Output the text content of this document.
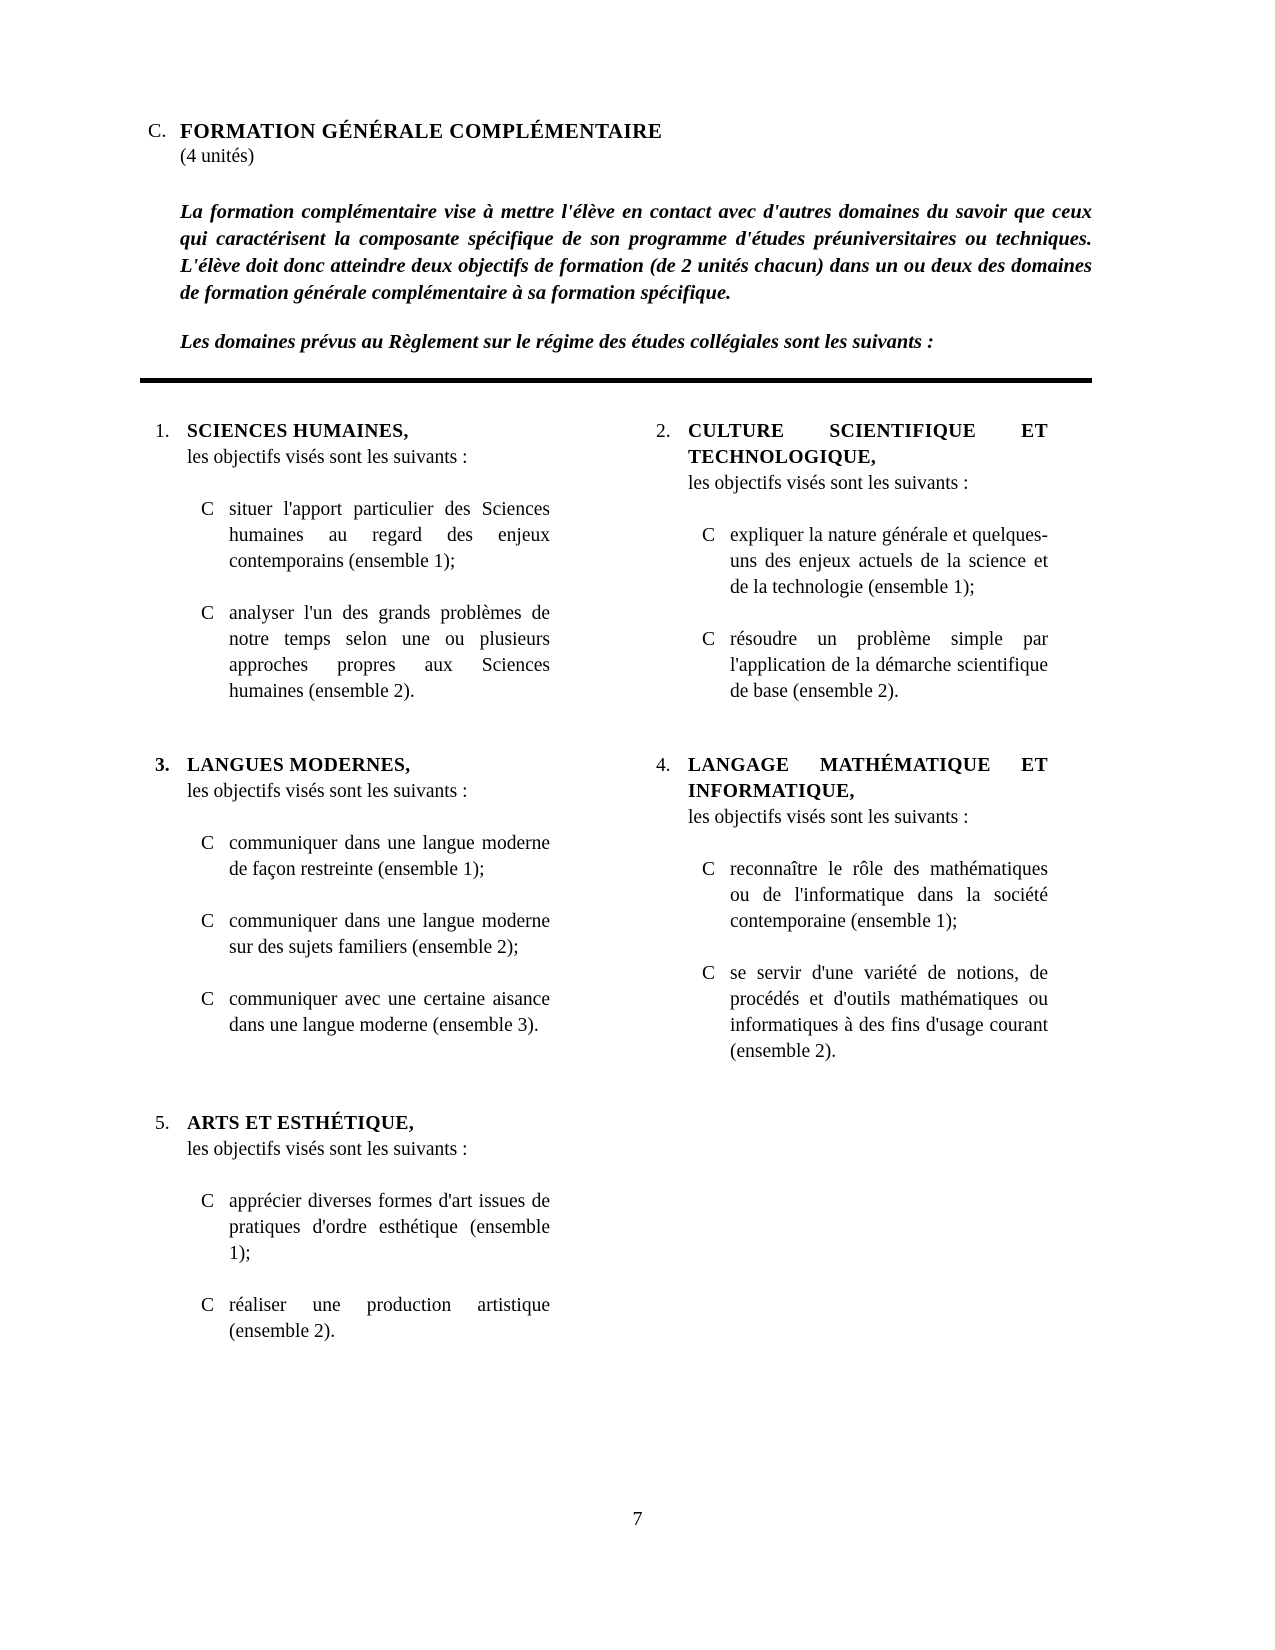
C. FORMATION GÉNÉRALE COMPLÉMENTAIRE
(4 unités)

La formation complémentaire vise à mettre l'élève en contact avec d'autres domaines du savoir que ceux qui caractérisent la composante spécifique de son programme d'études préuniversitaires ou techniques. L'élève doit donc atteindre deux objectifs de formation (de 2 unités chacun) dans un ou deux des domaines de formation générale complémentaire à sa formation spécifique.

Les domaines prévus au Règlement sur le régime des études collégiales sont les suivants :

1. SCIENCES HUMAINES,
les objectifs visés sont les suivants :
C situer l'apport particulier des Sciences humaines au regard des enjeux contemporains (ensemble 1);
C analyser l'un des grands problèmes de notre temps selon une ou plusieurs approches propres aux Sciences humaines (ensemble 2).
3. LANGUES MODERNES,
les objectifs visés sont les suivants :
C communiquer dans une langue moderne de façon restreinte (ensemble 1);
C communiquer dans une langue moderne sur des sujets familiers (ensemble 2);
C communiquer avec une certaine aisance dans une langue moderne (ensemble 3).
5. ARTS ET ESTHÉTIQUE,
les objectifs visés sont les suivants :
C apprécier diverses formes d'art issues de pratiques d'ordre esthétique (ensemble 1);
C réaliser une production artistique (ensemble 2).
2. CULTURE SCIENTIFIQUE ET TECHNOLOGIQUE,
les objectifs visés sont les suivants :
C expliquer la nature générale et quelques-uns des enjeux actuels de la science et de la technologie (ensemble 1);
C résoudre un problème simple par l'application de la démarche scientifique de base (ensemble 2).
4. LANGAGE MATHÉMATIQUE ET INFORMATIQUE,
les objectifs visés sont les suivants :
C reconnaître le rôle des mathématiques ou de l'informatique dans la société contemporaine (ensemble 1);
C se servir d'une variété de notions, de procédés et d'outils mathématiques ou informatiques à des fins d'usage courant (ensemble 2).
7
